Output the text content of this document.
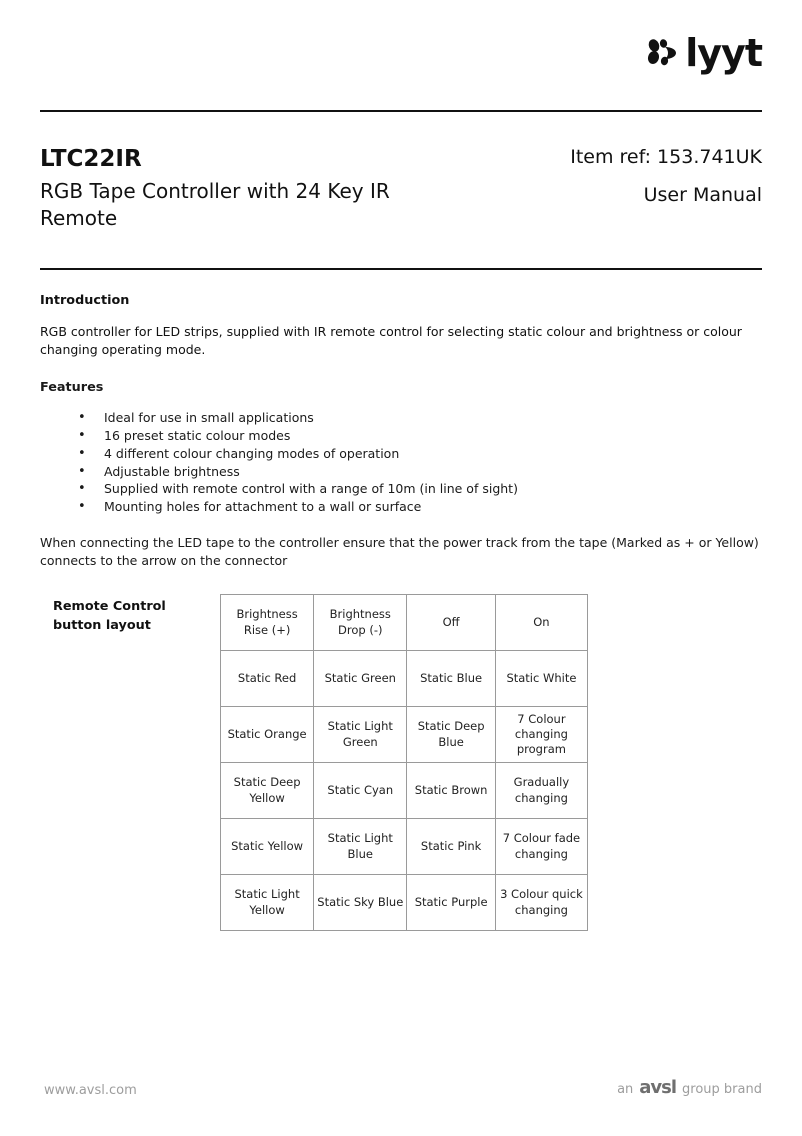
lyyt
LTC22IR
RGB Tape Controller with 24 Key IR Remote
Item ref: 153.741UK
User Manual
Introduction

RGB controller for LED strips, supplied with IR remote control for selecting static colour and brightness or colour changing operating mode.

Features
• Ideal for use in small applications
• 16 preset static colour modes
• 4 different colour changing modes of operation
• Adjustable brightness
• Supplied with remote control with a range of 10m (in line of sight)
• Mounting holes for attachment to a wall or surface

When connecting the LED tape to the controller ensure that the power track from the tape (Marked as + or Yellow) connects to the arrow on the connector

Remote Control button layout
Brightness Rise (+)	Brightness Drop (-)	Off	On
Static Red	Static Green	Static Blue	Static White
Static Orange	Static Light Green	Static Deep Blue	7 Colour changing program
Static Deep Yellow	Static Cyan	Static Brown	Gradually changing
Static Yellow	Static Light Blue	Static Pink	7 Colour fade changing
Static Light Yellow	Static Sky Blue	Static Purple	3 Colour quick changing
www.avsl.com	an avsl group brand
